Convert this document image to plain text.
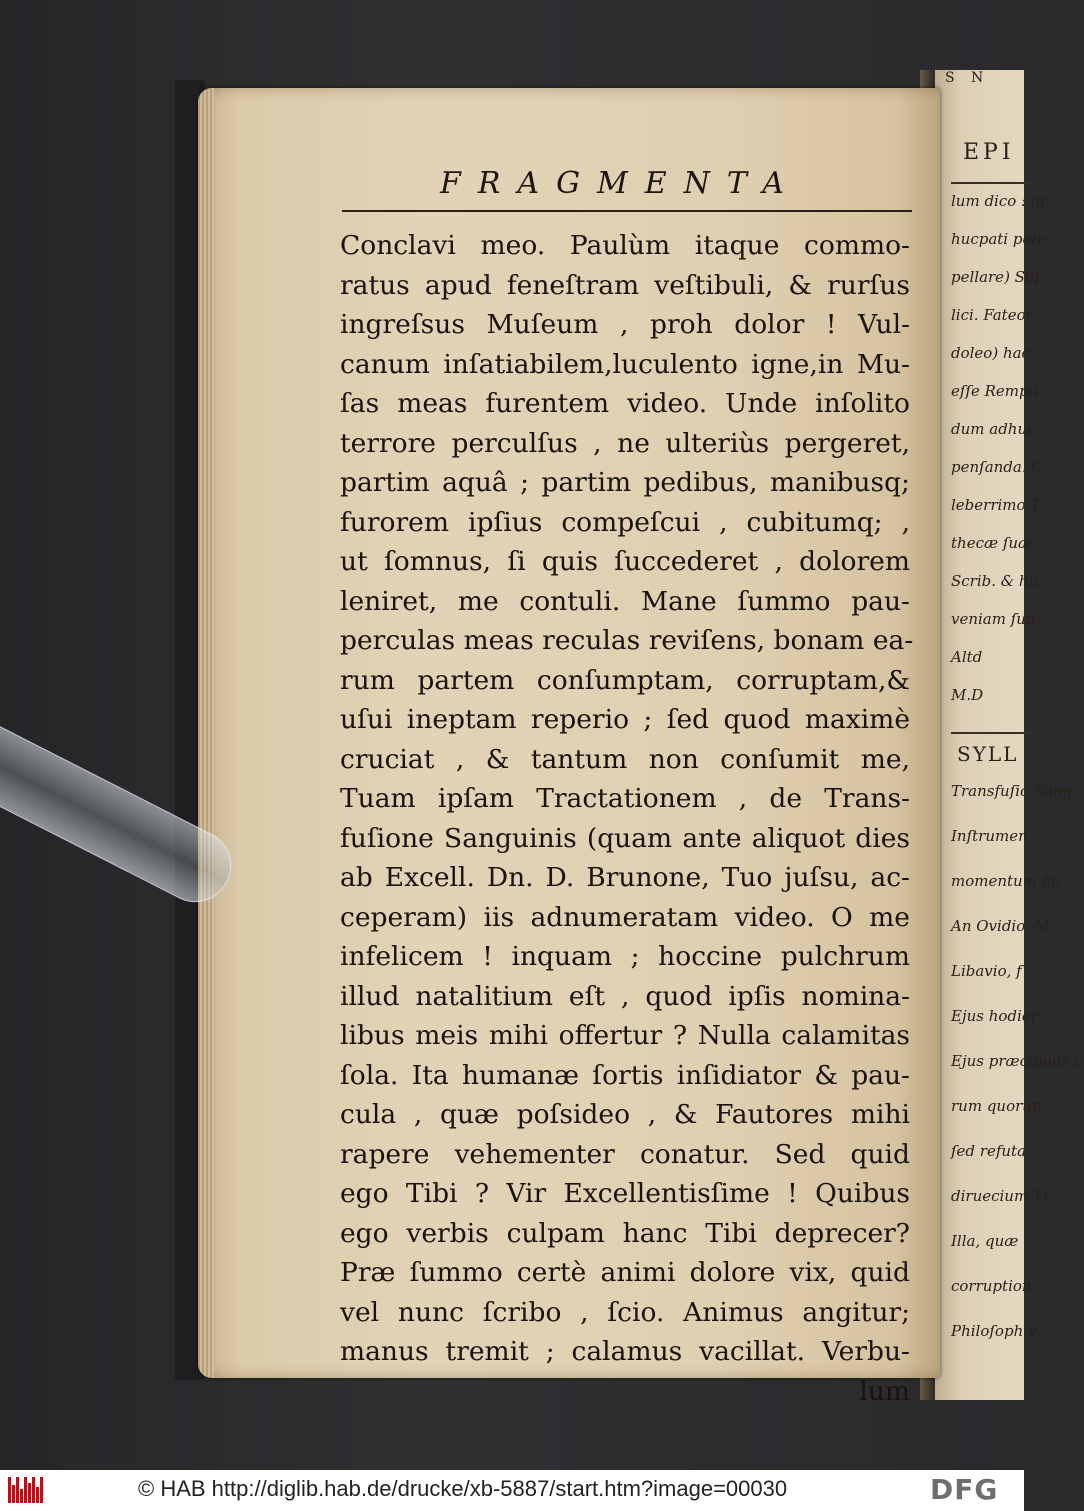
S N
EPI
lum dico : ig
hucpati pote
pellare) Suſ
lici. Fateor
doleo) hac
eſſe Rempu
dum adhuc
penſanda. C
leberrimo T
thecæ ſuæ
Scrib. & hu
veniam ſub
Altd
M.D
SYLL
Transfuſio Sang
Inſtrumen
momentum fia
An Ovidio, M
Libavio, f
Ejus hodier
Ejus præcipuus u
rum quorun
ſed refuta
diruecium Tr
Illa, quæ
corruption
Philoſoph y
FRAGMENTA
Conclavi meo. Paulùm itaque commo-
ratus apud feneſtram veſtibuli, & rurſus
ingreſsus Muſeum , proh dolor ! Vul-
canum inſatiabilem,luculento igne,in Mu-
ſas meas furentem video. Unde inſolito
terrore perculſus , ne ulteriùs pergeret,
partim aquâ ; partim pedibus, manibusq;
furorem ipſius compeſcui , cubitumq; ,
ut ſomnus, ſi quis ſuccederet , dolorem
leniret, me contuli. Mane ſummo pau-
perculas meas reculas reviſens, bonam ea-
rum partem conſumptam, corruptam,&
uſui ineptam reperio ; ſed quod maximè
cruciat , & tantum non conſumit me,
Tuam ipſam Tractationem , de Trans-
fuſione Sanguinis (quam ante aliquot dies
ab Excell. Dn. D. Brunone, Tuo juſsu, ac-
ceperam) iis adnumeratam video. O me
infelicem ! inquam ; hoccine pulchrum
illud natalitium eſt , quod ipſis nomina-
libus meis mihi offertur ? Nulla calamitas
ſola. Ita humanæ ſortis inſidiator & pau-
cula , quæ poſsideo , & Fautores mihi
rapere vehementer conatur. Sed quid
ego Tibi ? Vir Excellentisſime ! Quibus
ego verbis culpam hanc Tibi deprecer?
Præ ſummo certè animi dolore vix, quid
vel nunc ſcribo , ſcio. Animus angitur;
manus tremit ; calamus vacillat. Verbu-
lum
© HAB http://diglib.hab.de/drucke/xb-5887/start.htm?image=00030	DFG
